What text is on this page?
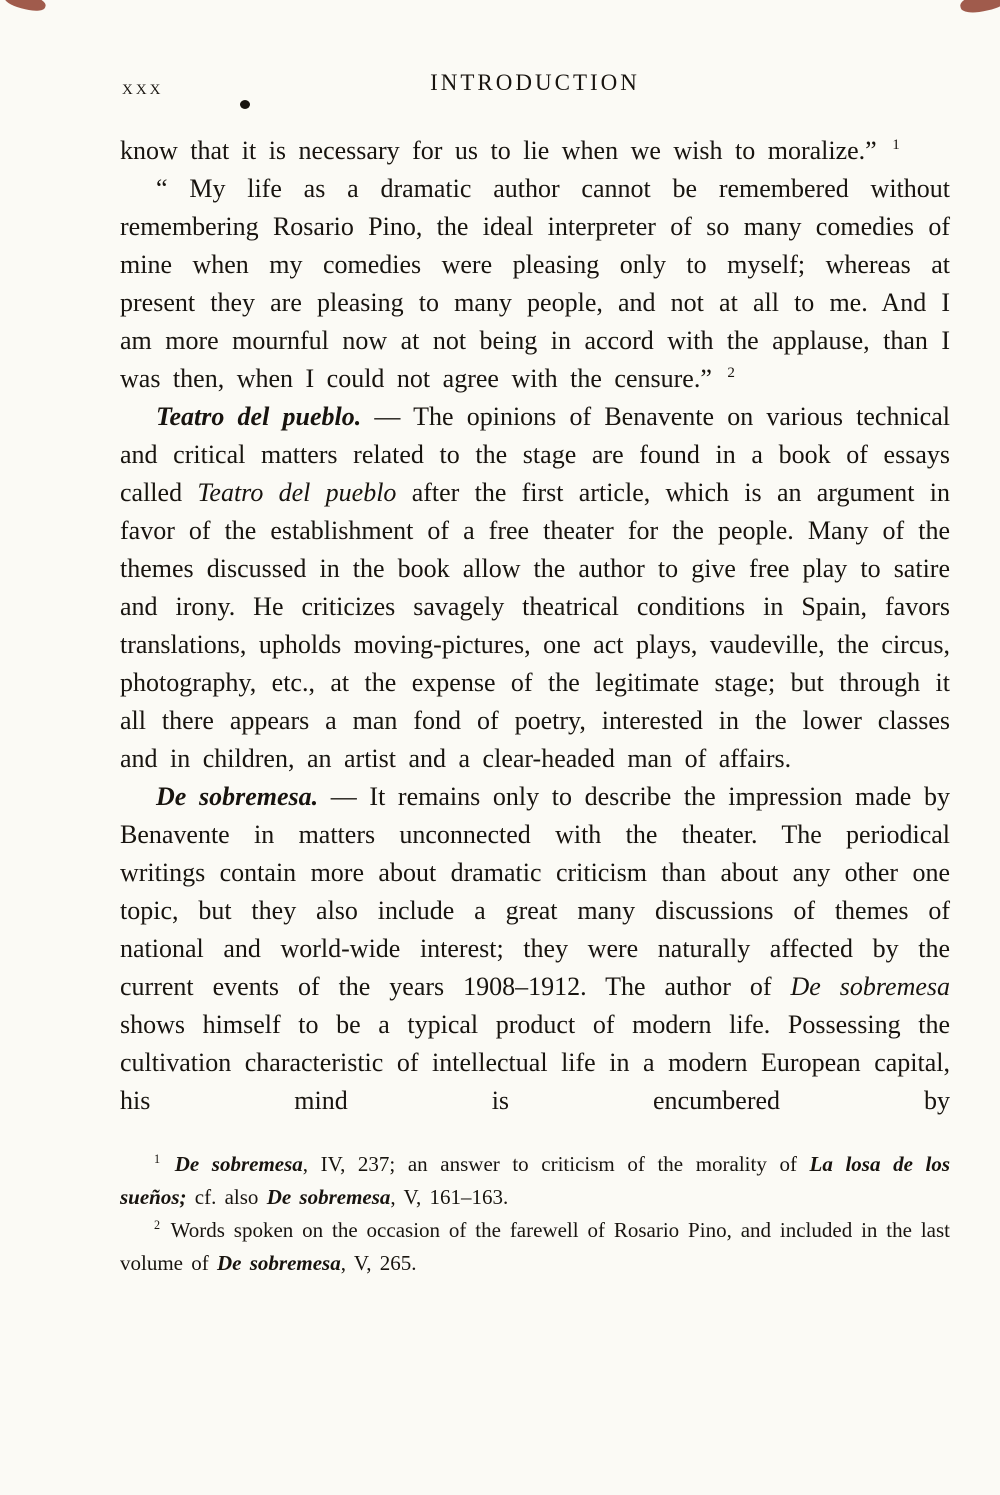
xxx	INTRODUCTION

know that it is necessary for us to lie when we wish to moralize.” $^1$

“ My life as a dramatic author cannot be remembered without remembering Rosario Pino, the ideal interpreter of so many comedies of mine when my comedies were pleasing only to myself; whereas at present they are pleasing to many people, and not at all to me. And I am more mournful now at not being in accord with the applause, than I was then, when I could not agree with the censure.” $^2$

Teatro del pueblo. — The opinions of Benavente on various technical and critical matters related to the stage are found in a book of essays called Teatro del pueblo after the first article, which is an argument in favor of the establishment of a free theater for the people. Many of the themes discussed in the book allow the author to give free play to satire and irony. He criticizes savagely theatrical conditions in Spain, favors translations, upholds moving-pictures, one act plays, vaudeville, the circus, photography, etc., at the expense of the legitimate stage; but through it all there appears a man fond of poetry, interested in the lower classes and in children, an artist and a clear-headed man of affairs.

De sobremesa. — It remains only to describe the impression made by Benavente in matters unconnected with the theater. The periodical writings contain more about dramatic criticism than about any other one topic, but they also include a great many discussions of themes of national and world-wide interest; they were naturally affected by the current events of the years 1908–1912. The author of De sobremesa shows himself to be a typical product of modern life. Possessing the cultivation characteristic of intellectual life in a modern European capital, his mind is encumbered by

$^1$ De sobremesa, IV, 237; an answer to criticism of the morality of La losa de los sueños; cf. also De sobremesa, V, 161–163.

$^2$ Words spoken on the occasion of the farewell of Rosario Pino, and included in the last volume of De sobremesa, V, 265.
